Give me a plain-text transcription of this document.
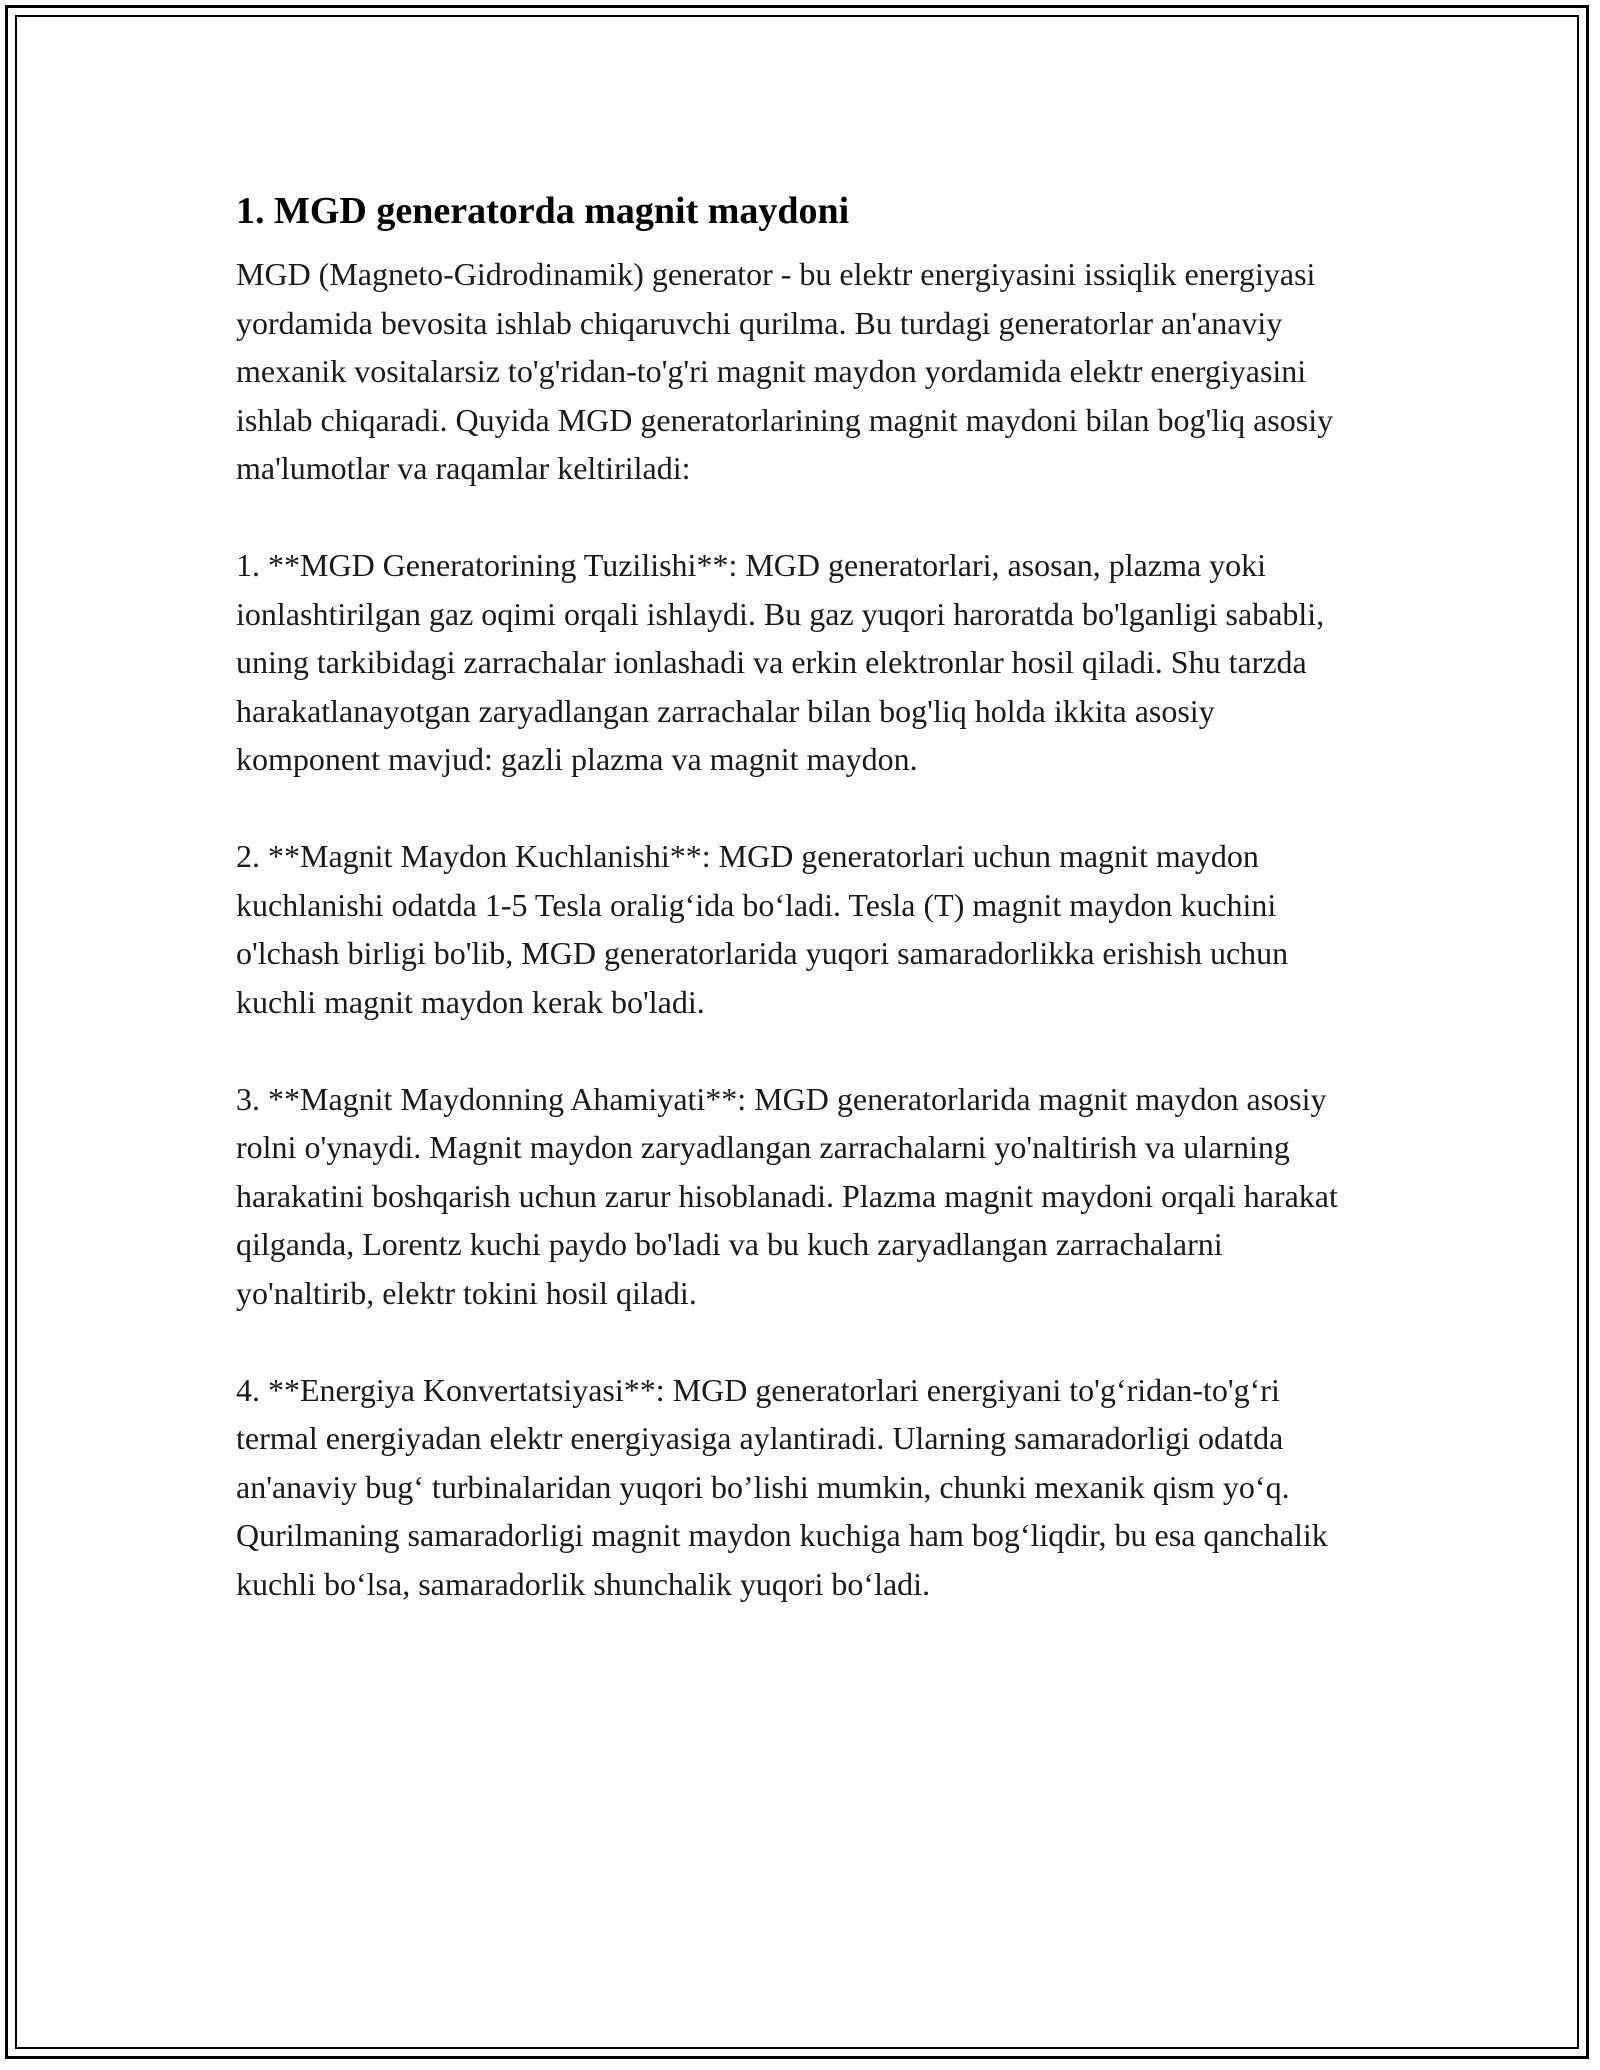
1. MGD generatorda magnit maydoni

MGD (Magneto-Gidrodinamik) generator - bu elektr energiyasini issiqlik energiyasi yordamida bevosita ishlab chiqaruvchi qurilma. Bu turdagi generatorlar an'anaviy mexanik vositalarsiz to'g'ridan-to'g'ri magnit maydon yordamida elektr energiyasini ishlab chiqaradi. Quyida MGD generatorlarining magnit maydoni bilan bog'liq asosiy ma'lumotlar va raqamlar keltiriladi:

1. **MGD Generatorining Tuzilishi**: MGD generatorlari, asosan, plazma yoki ionlashtirilgan gaz oqimi orqali ishlaydi. Bu gaz yuqori haroratda bo'lganligi sababli, uning tarkibidagi zarrachalar ionlashadi va erkin elektronlar hosil qiladi. Shu tarzda harakatlanayotgan zaryadlangan zarrachalar bilan bog'liq holda ikkita asosiy komponent mavjud: gazli plazma va magnit maydon.

2. **Magnit Maydon Kuchlanishi**: MGD generatorlari uchun magnit maydon kuchlanishi odatda 1-5 Tesla oralig‘ida bo‘ladi. Tesla (T) magnit maydon kuchini o'lchash birligi bo'lib, MGD generatorlarida yuqori samaradorlikka erishish uchun kuchli magnit maydon kerak bo'ladi.

3. **Magnit Maydonning Ahamiyati**: MGD generatorlarida magnit maydon asosiy rolni o'ynaydi. Magnit maydon zaryadlangan zarrachalarni yo'naltirish va ularning harakatini boshqarish uchun zarur hisoblanadi. Plazma magnit maydoni orqali harakat qilganda, Lorentz kuchi paydo bo'ladi va bu kuch zaryadlangan zarrachalarni yo'naltirib, elektr tokini hosil qiladi.

4. **Energiya Konvertatsiyasi**: MGD generatorlari energiyani to'g‘ridan-to'g‘ri termal energiyadan elektr energiyasiga aylantiradi. Ularning samaradorligi odatda an'anaviy bug‘ turbinalaridan yuqori bo’lishi mumkin, chunki mexanik qism yo‘q. Qurilmaning samaradorligi magnit maydon kuchiga ham bog‘liqdir, bu esa qanchalik kuchli bo‘lsa, samaradorlik shunchalik yuqori bo‘ladi.
